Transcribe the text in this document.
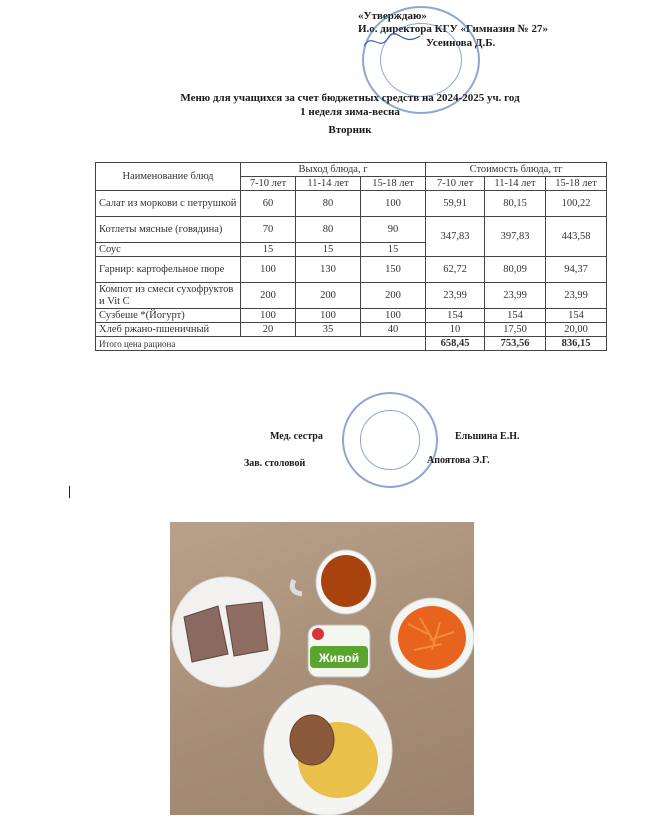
«Утверждаю»
И.о. директора КГУ «Гимназия № 27»
Усеинова Д.Б.
Меню для учащихся за счет бюджетных средств на 2024-2025 уч. год
1 неделя зима-весна
Вторник
Наименование блюд	Выход блюда, г			Стоимость блюда, тг		
	7-10 лет	11-14 лет	15-18 лет	7-10 лет	11-14 лет	15-18 лет
Салат из моркови с петрушкой	60	80	100	59,91	80,15	100,22
Котлеты мясные (говядина)	70	80	90	347,83	397,83	443,58
Соус	15	15	15			
Гарнир: картофельное пюре	100	130	150	62,72	80,09	94,37
Компот из смеси сухофруктов и Vit C	200	200	200	23,99	23,99	23,99
Сузбеше *(Йогурт)	100	100	100	154	154	154
Хлеб ржано-пшеничный	20	35	40	10	17,50	20,00
Итого цена рациона				658,45	753,56	836,15
Мед. сестра	Ельшина Е.Н.
Зав. столовой	Апоятова Э.Г.
Живой
